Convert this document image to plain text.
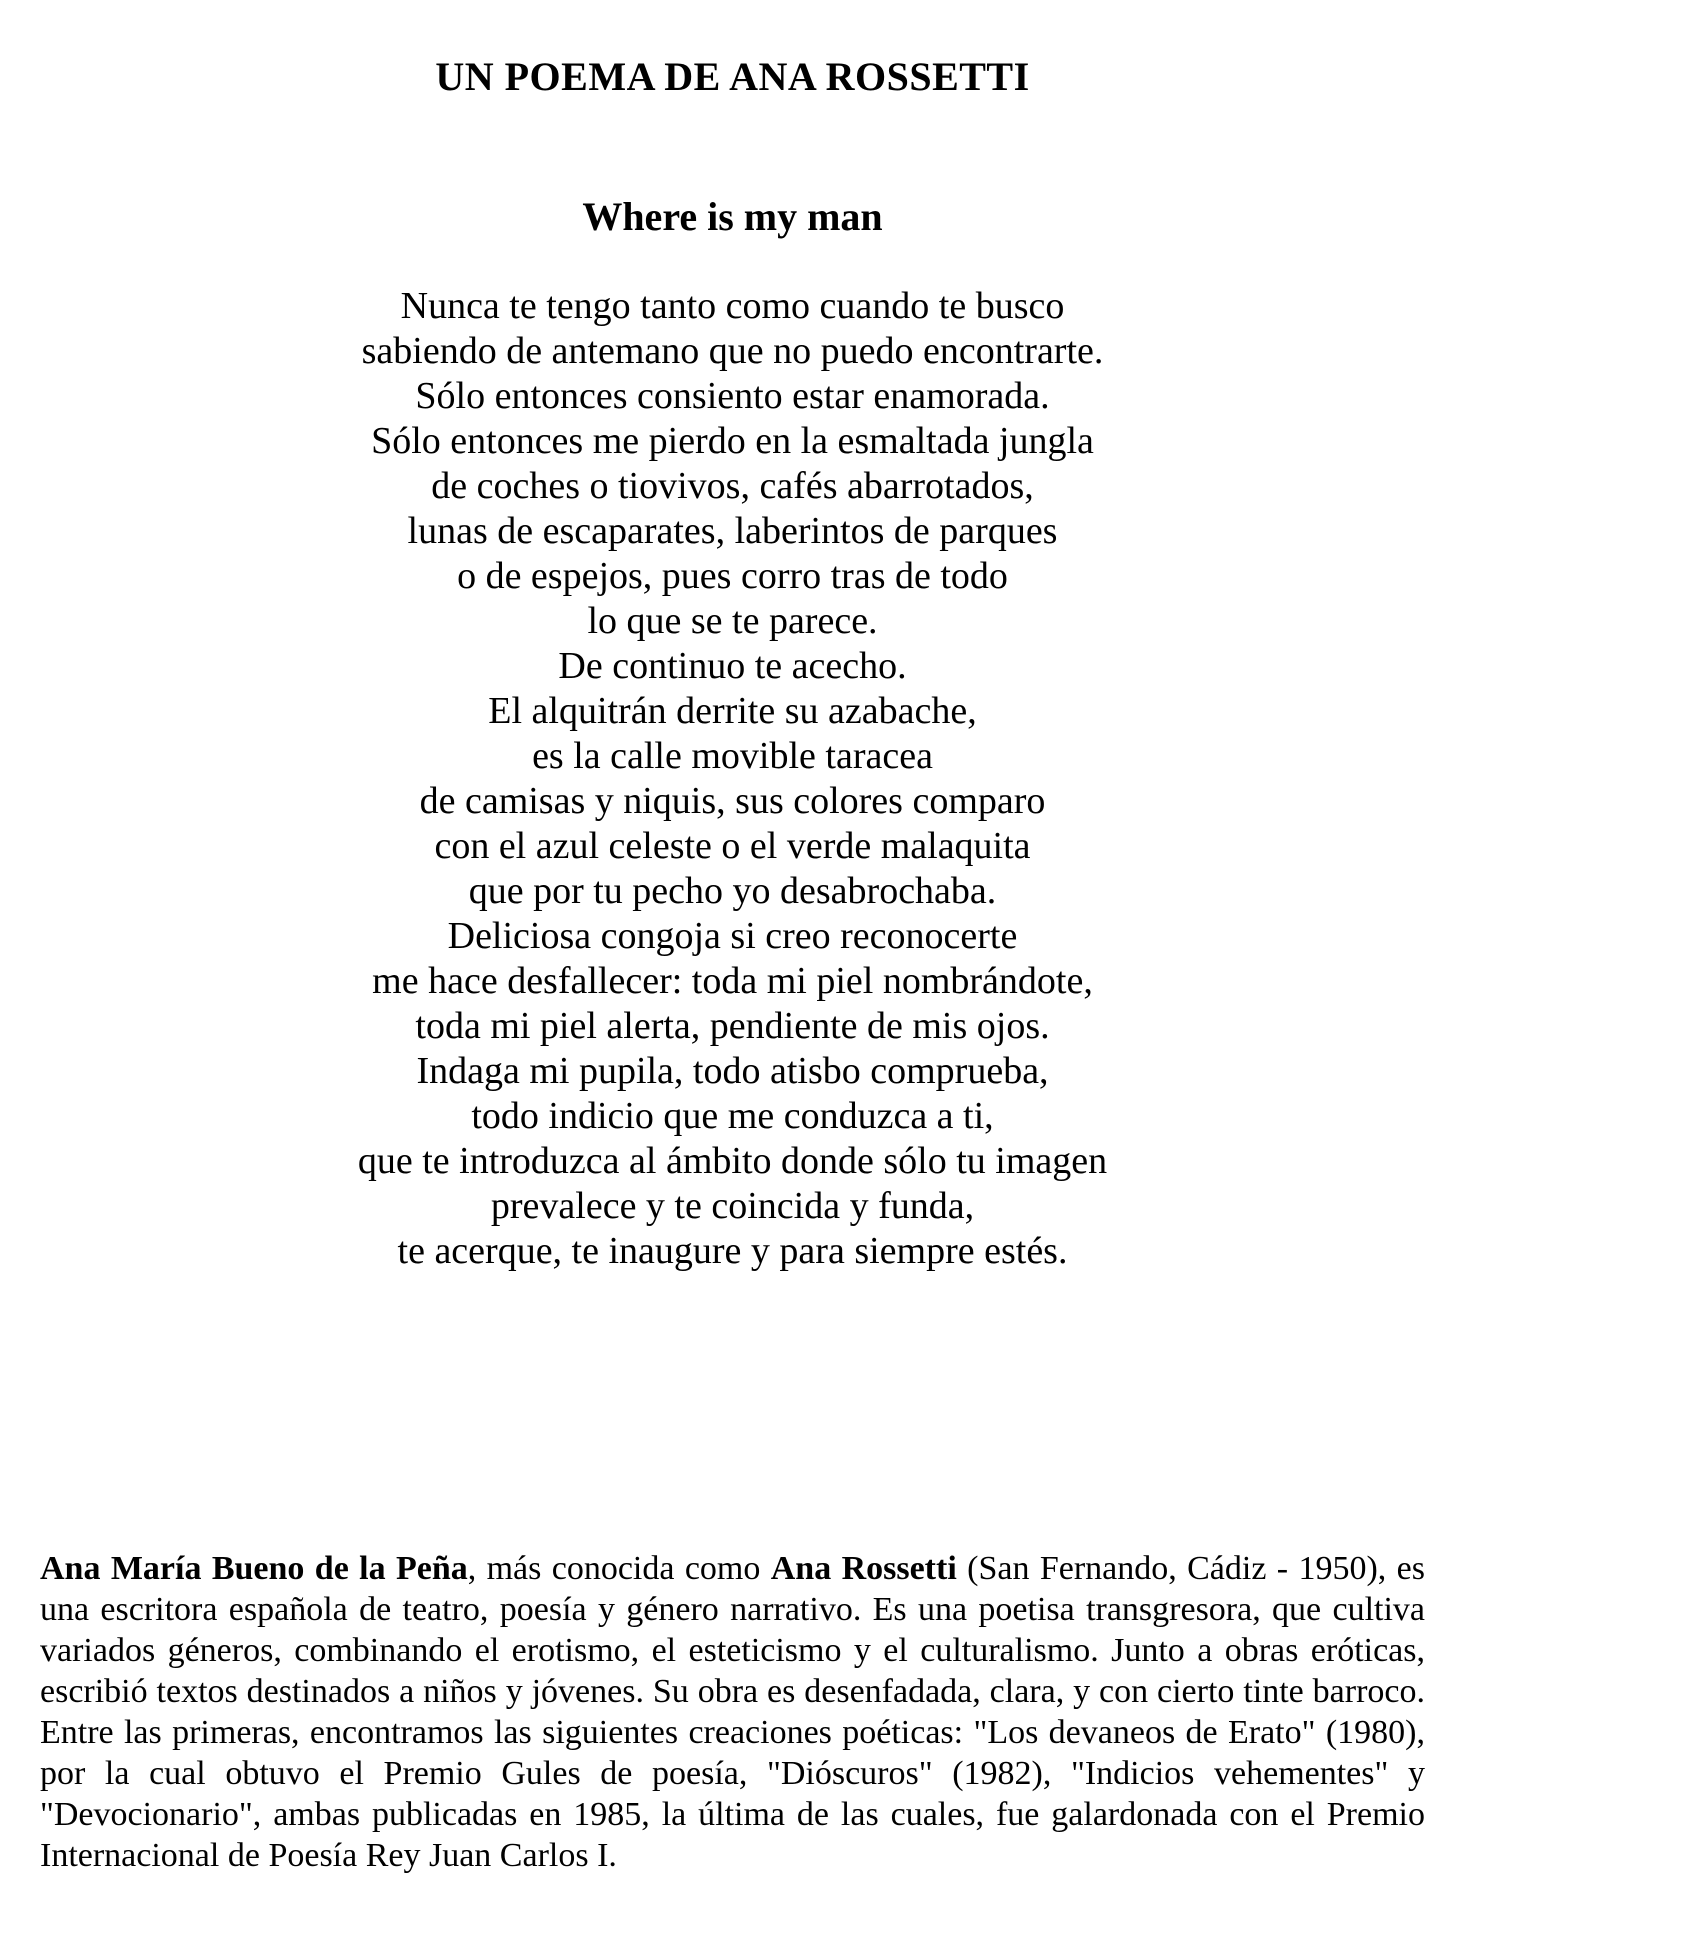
UN POEMA DE ANA ROSSETTI
Where is my man
Nunca te tengo tanto como cuando te busco
sabiendo de antemano que no puedo encontrarte.
Sólo entonces consiento estar enamorada.
Sólo entonces me pierdo en la esmaltada jungla
de coches o tiovivos, cafés abarrotados,
lunas de escaparates, laberintos de parques
o de espejos, pues corro tras de todo
lo que se te parece.
De continuo te acecho.
El alquitrán derrite su azabache,
es la calle movible taracea
de camisas y niquis, sus colores comparo
con el azul celeste o el verde malaquita
que por tu pecho yo desabrochaba.
Deliciosa congoja si creo reconocerte
me hace desfallecer: toda mi piel nombrándote,
toda mi piel alerta, pendiente de mis ojos.
Indaga mi pupila, todo atisbo comprueba,
todo indicio que me conduzca a ti,
que te introduzca al ámbito donde sólo tu imagen
prevalece y te coincida y funda,
te acerque, te inaugure y para siempre estés.

Ana María Bueno de la Peña, más conocida como Ana Rossetti (San Fernando, Cádiz - 1950), es una escritora española de teatro, poesía y género narrativo. Es una poetisa transgresora, que cultiva variados géneros, combinando el erotismo, el esteticismo y el culturalismo. Junto a obras eróticas, escribió textos destinados a niños y jóvenes. Su obra es desenfadada, clara, y con cierto tinte barroco. Entre las primeras, encontramos las siguientes creaciones poéticas: "Los devaneos de Erato" (1980), por la cual obtuvo el Premio Gules de poesía, "Dióscuros" (1982), "Indicios vehementes" y "Devocionario", ambas publicadas en 1985, la última de las cuales, fue galardonada con el Premio Internacional de Poesía Rey Juan Carlos I.
